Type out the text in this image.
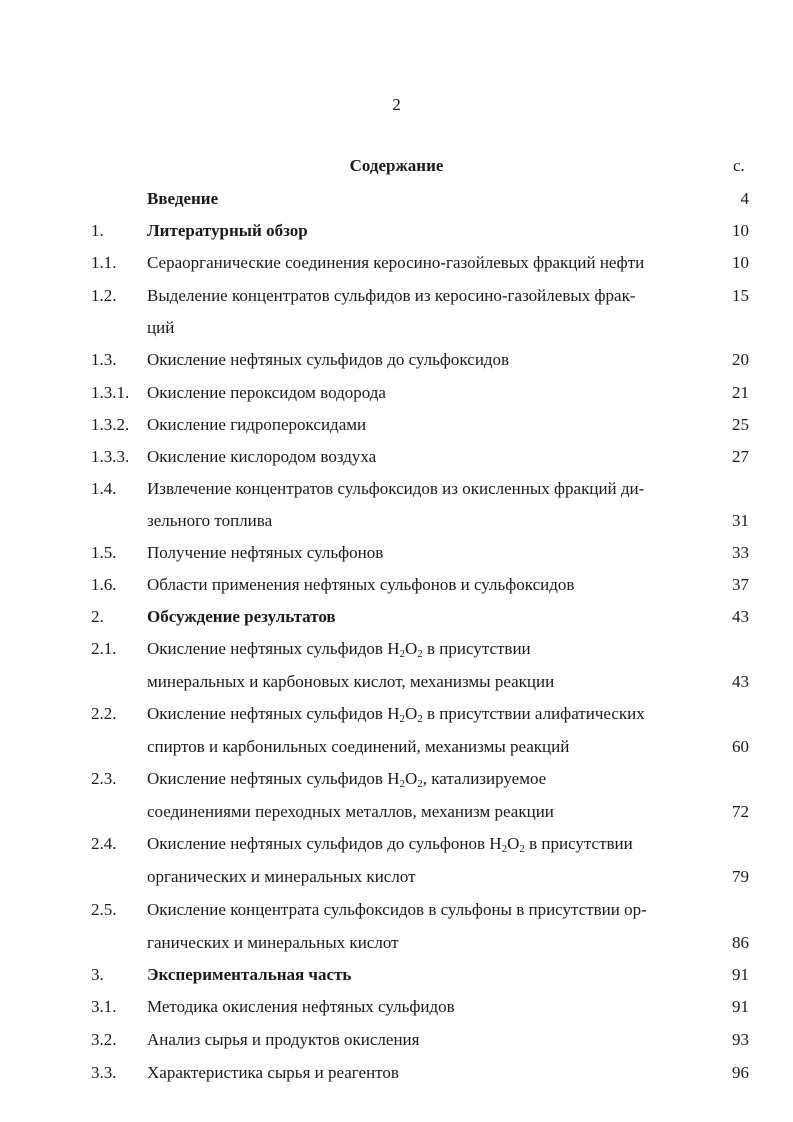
2
Содержание	с.
Введение	4
1.	Литературный обзор	10
1.1. Сераорганические соединения керосино-газойлевых фракций нефти	10
1.2. Выделение концентратов сульфидов из керосино-газойлевых фрак-	15
ций
1.3. Окисление нефтяных сульфидов до сульфоксидов	20
1.3.1. Окисление пероксидом водорода	21
1.3.2. Окисление гидропероксидами	25
1.3.3. Окисление кислородом воздуха	27
1.4. Извлечение концентратов сульфоксидов из окисленных фракций ди-
зельного топлива	31
1.5. Получение нефтяных сульфонов	33
1.6. Области применения нефтяных сульфонов и сульфоксидов	37
2.	Обсуждение результатов	43
2.1. Окисление нефтяных сульфидов $H_2O_2$ в присутствии
минеральных и карбоновых кислот, механизмы реакции	43
2.2. Окисление нефтяных сульфидов $H_2O_2$ в присутствии алифатических
спиртов и карбонильных соединений, механизмы реакций	60
2.3. Окисление нефтяных сульфидов $H_2O_2$, катализируемое
соединениями переходных металлов, механизм реакции	72
2.4. Окисление нефтяных сульфидов до сульфонов $H_2O_2$ в присутствии
органических и минеральных кислот	79
2.5. Окисление концентрата сульфоксидов в сульфоны в присутствии ор-
ганических и минеральных кислот	86
3.	Экспериментальная часть	91
3.1. Методика окисления нефтяных сульфидов	91
3.2. Анализ сырья и продуктов окисления	93
3.3. Характеристика сырья и реагентов	96
